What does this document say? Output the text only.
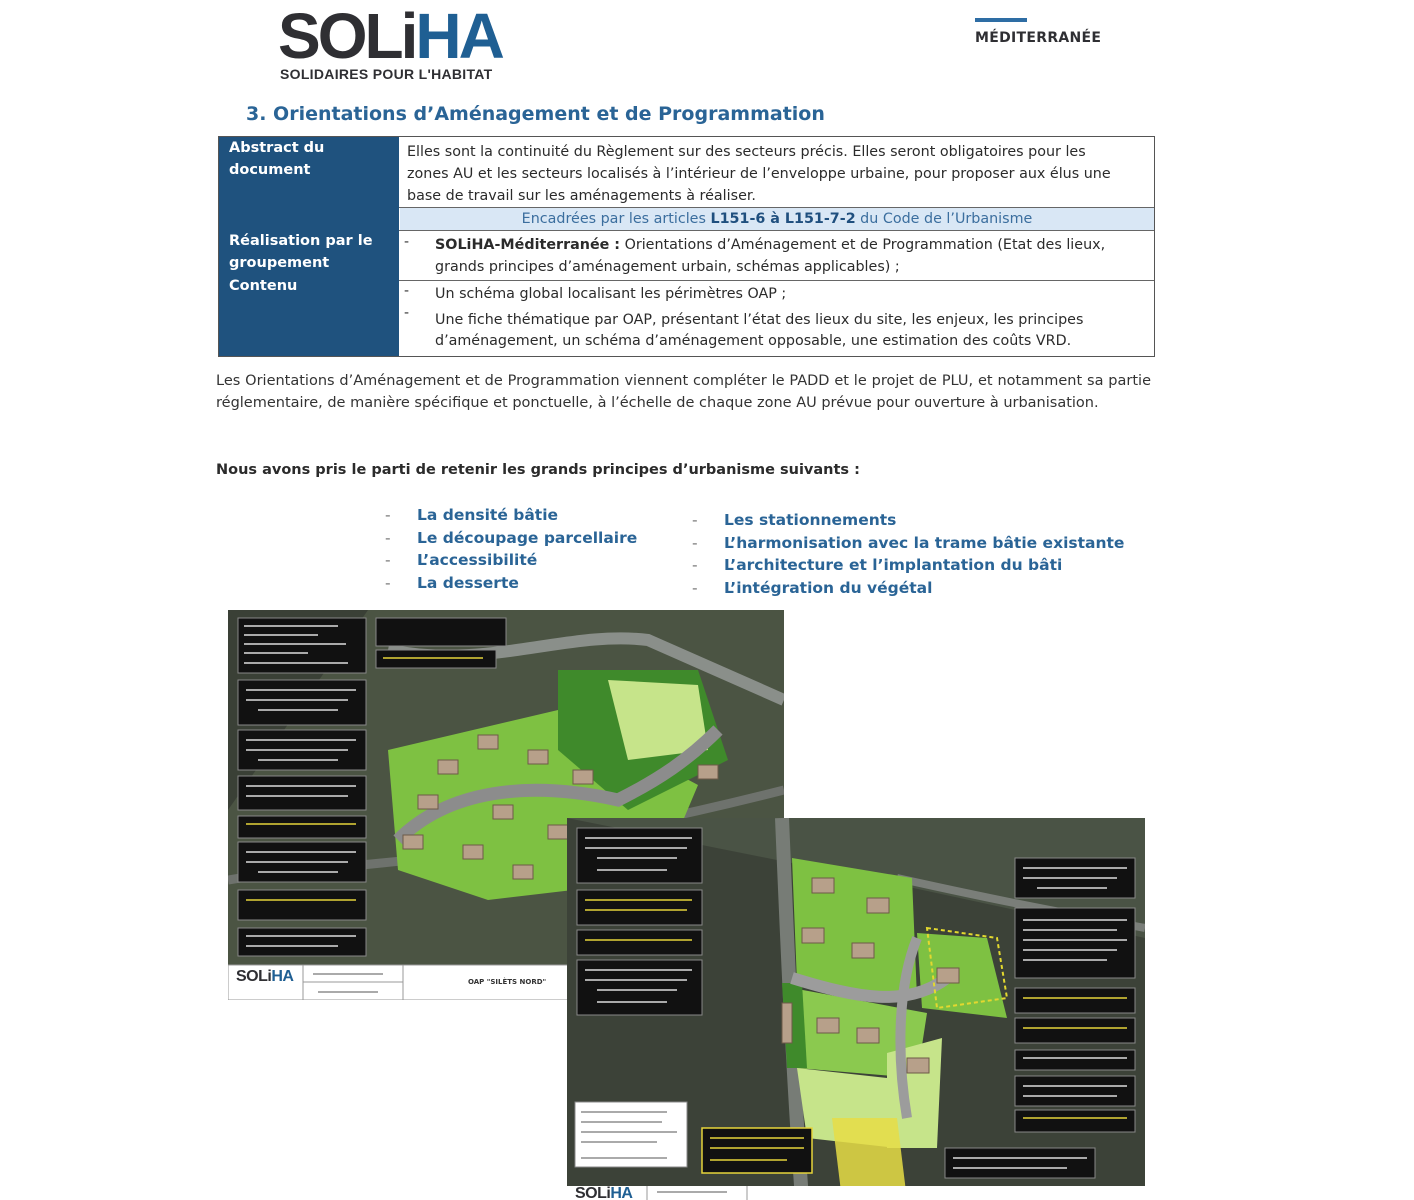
SOLiHA
SOLIDAIRES POUR L'HABITAT
MÉDITERRANÉE
3. Orientations d’Aménagement et de Programmation
Abstract du
document
Réalisation par le
groupement
Contenu
Elles sont la continuité du Règlement sur des secteurs précis. Elles seront obligatoires pour les
zones AU et les secteurs localisés à l’intérieur de l’enveloppe urbaine, pour proposer aux élus une
base de travail sur les aménagements à réaliser.
Encadrées par les articles L151-6 à L151-7-2 du Code de l’Urbanisme
- SOLiHA-Méditerranée : Orientations d’Aménagement et de Programmation (Etat des lieux,
grands principes d’aménagement urbain, schémas applicables) ;
- Un schéma global localisant les périmètres OAP ;
- Une fiche thématique par OAP, présentant l’état des lieux du site, les enjeux, les principes
d’aménagement, un schéma d’aménagement opposable, une estimation des coûts VRD.
Les Orientations d’Aménagement et de Programmation viennent compléter le PADD et le projet de PLU, et notamment sa partie réglementaire, de manière spécifique et ponctuelle, à l’échelle de chaque zone AU prévue pour ouverture à urbanisation.
Nous avons pris le parti de retenir les grands principes d’urbanisme suivants :
- La densité bâtie
- Le découpage parcellaire
- L’accessibilité
- La desserte
- Les stationnements
- L’harmonisation avec la trame bâtie existante
- L’architecture et l’implantation du bâti
- L’intégration du végétal
SOLiHA	OAP "SILÈTS NORD"
SOLiHA
